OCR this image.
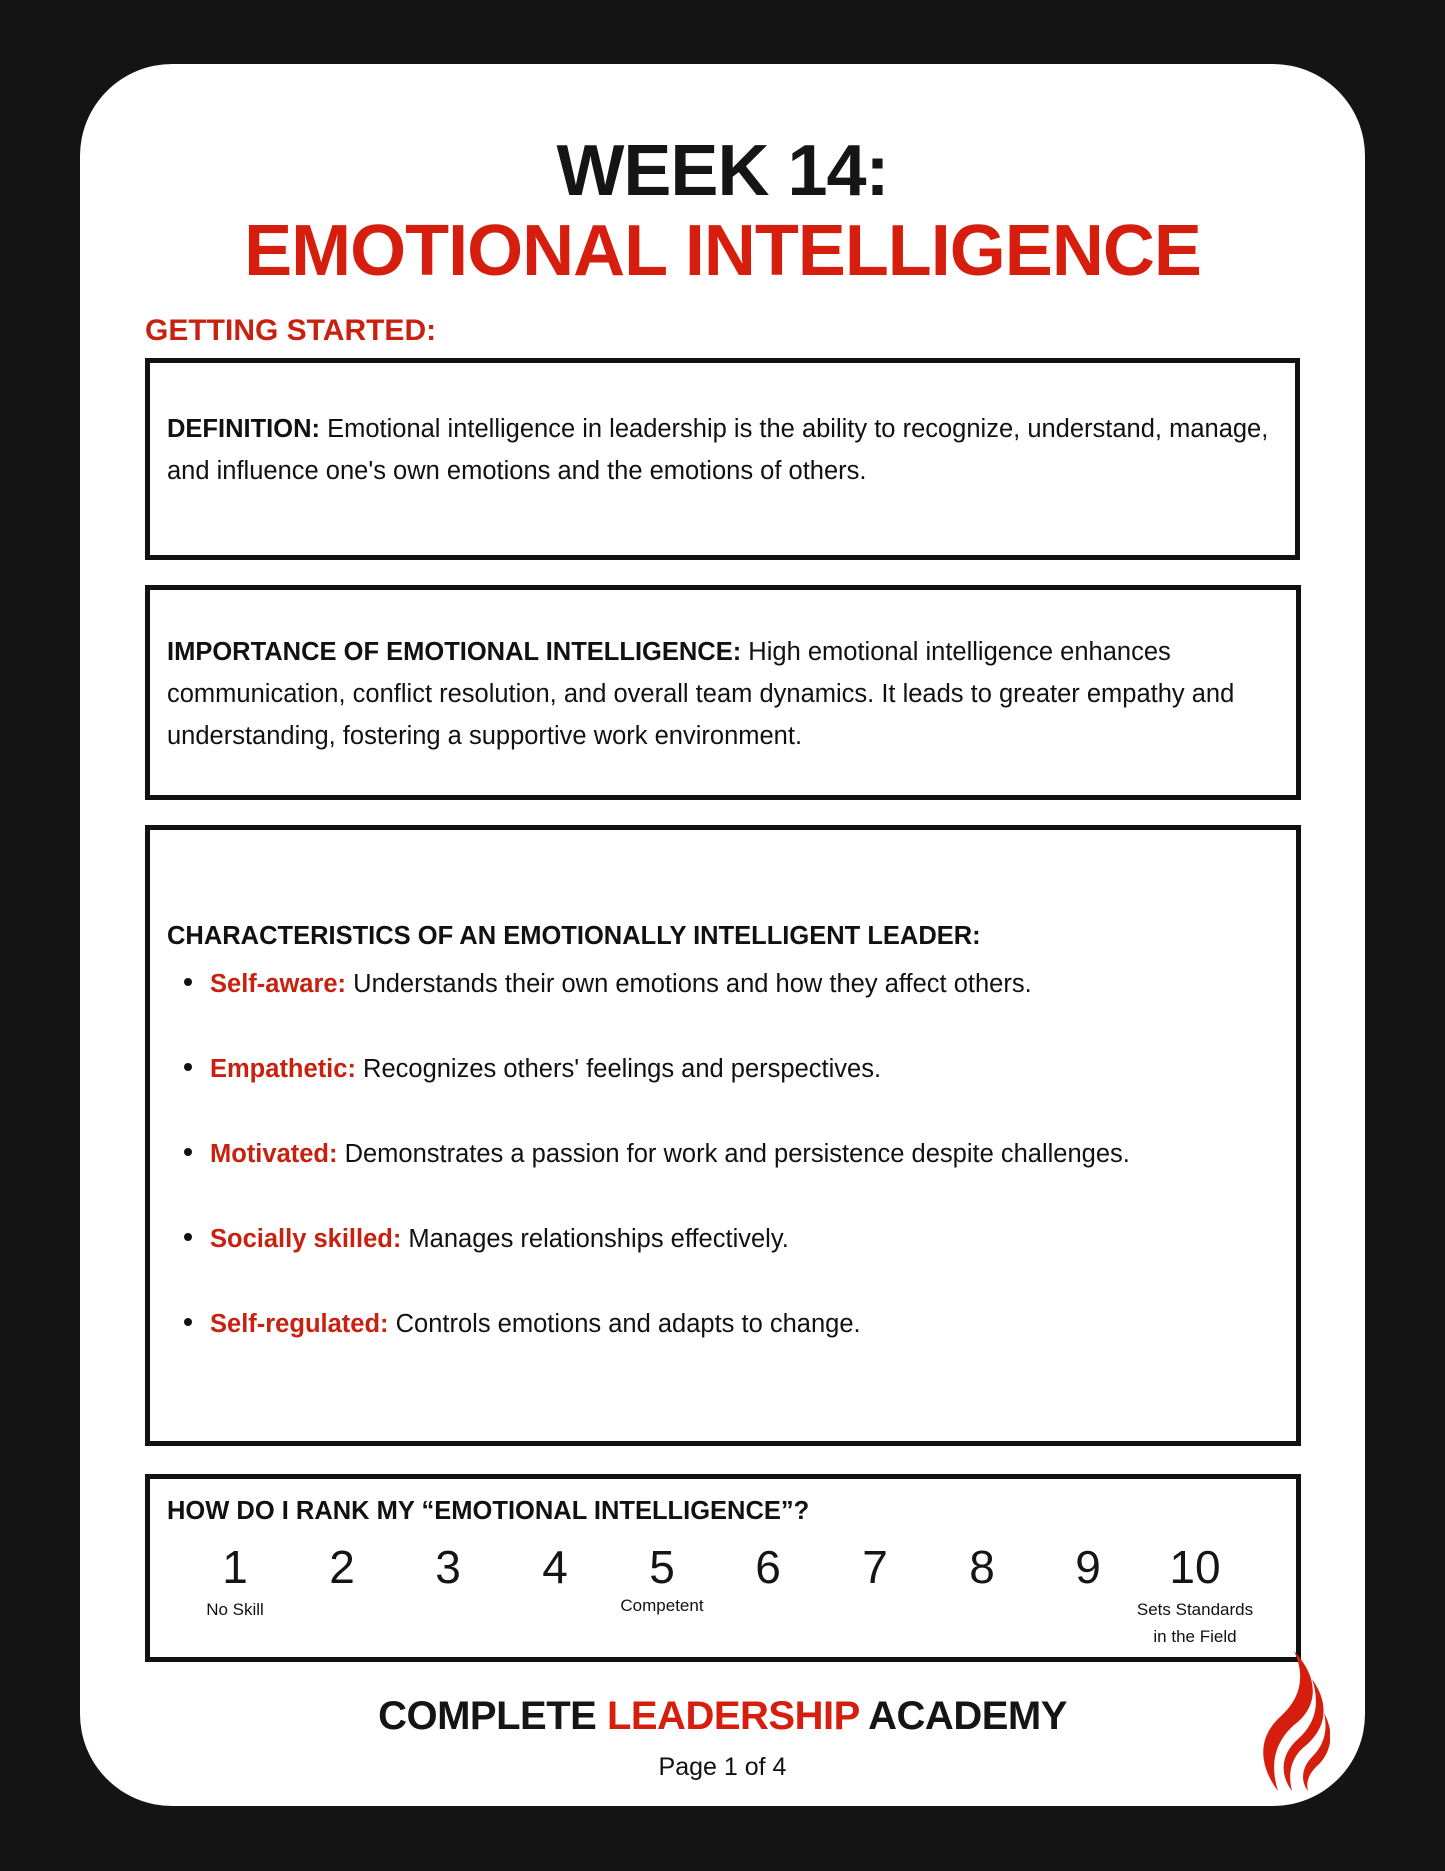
WEEK 14:
EMOTIONAL INTELLIGENCE
GETTING STARTED:
DEFINITION: Emotional intelligence in leadership is the ability to recognize, understand, manage, and influence one's own emotions and the emotions of others.
IMPORTANCE OF EMOTIONAL INTELLIGENCE: High emotional intelligence enhances communication, conflict resolution, and overall team dynamics. It leads to greater empathy and understanding, fostering a supportive work environment.
CHARACTERISTICS OF AN EMOTIONALLY INTELLIGENT LEADER:
Self-aware: Understands their own emotions and how they affect others.
Empathetic: Recognizes others' feelings and perspectives.
Motivated: Demonstrates a passion for work and persistence despite challenges.
Socially skilled: Manages relationships effectively.
Self-regulated: Controls emotions and adapts to change.
HOW DO I RANK MY “EMOTIONAL INTELLIGENCE”?
1	2	3	4	5	6	7	8	9	10
No Skill	Competent	Sets Standards
in the Field
COMPLETE LEADERSHIP ACADEMY
Page 1 of 4
